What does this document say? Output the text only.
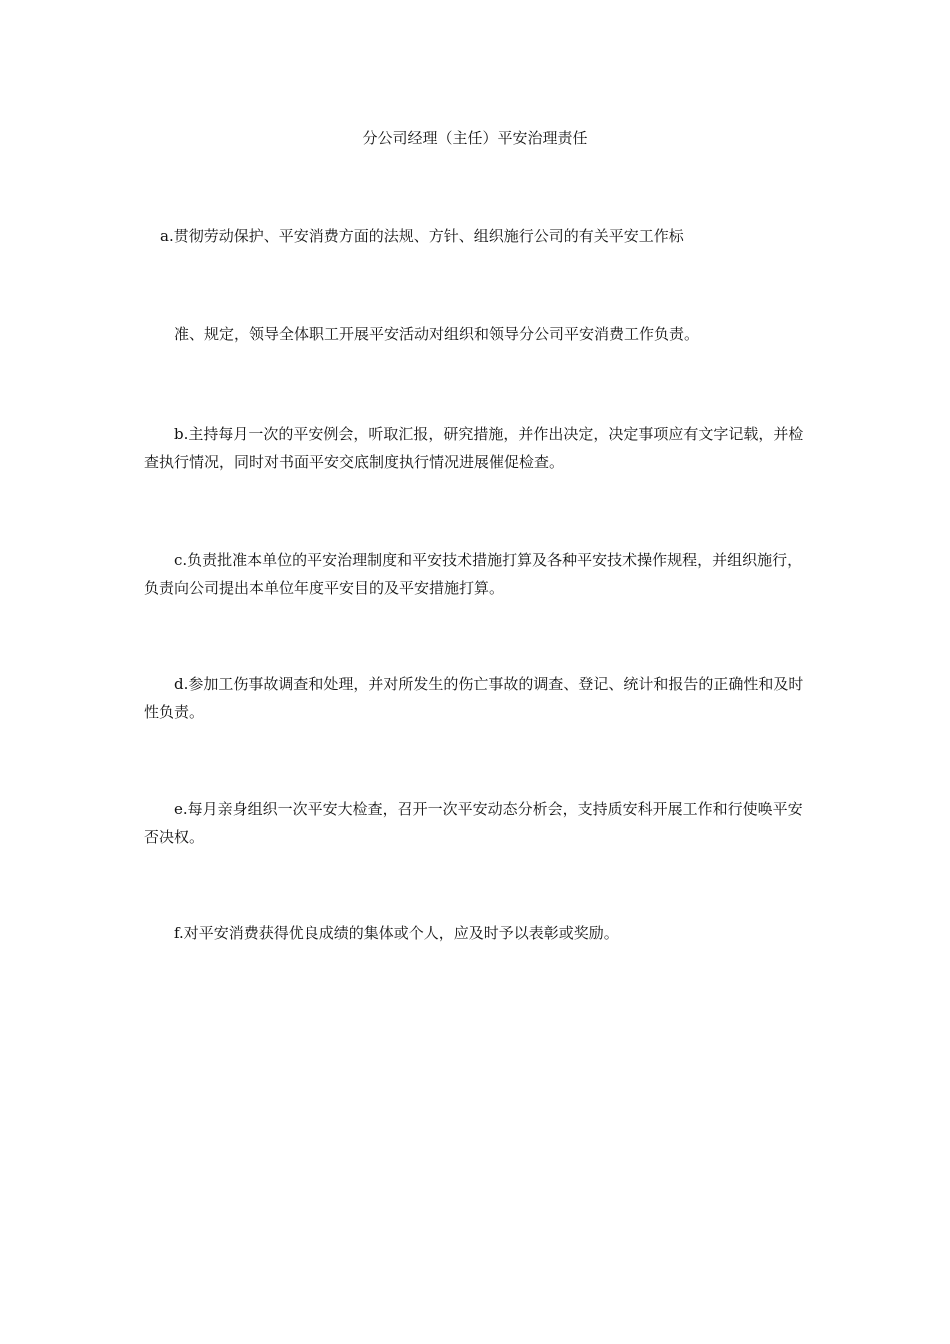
分公司经理（主任）平安治理责任
a.贯彻劳动保护、平安消费方面的法规、方针、组织施行公司的有关平安工作标
准、规定，领导全体职工开展平安活动对组织和领导分公司平安消费工作负责。
b.主持每月一次的平安例会，听取汇报，研究措施，并作出决定，决定事项应有文字记载，并检查执行情况，同时对书面平安交底制度执行情况进展催促检查。
c.负责批准本单位的平安治理制度和平安技术措施打算及各种平安技术操作规程，并组织施行，负责向公司提出本单位年度平安目的及平安措施打算。
d.参加工伤事故调查和处理，并对所发生的伤亡事故的调查、登记、统计和报告的正确性和及时性负责。
e.每月亲身组织一次平安大检查，召开一次平安动态分析会，支持质安科开展工作和行使唤平安否决权。
f.对平安消费获得优良成绩的集体或个人，应及时予以表彰或奖励。
